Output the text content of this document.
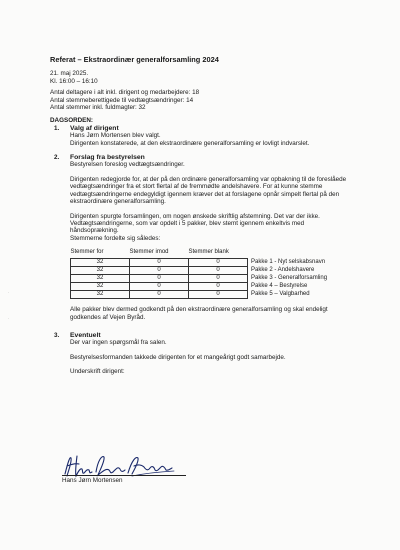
Referat – Ekstraordinær generalforsamling 2024

21. maj 2025.

Kl. 16:00 – 16:10

Antal deltagere i alt inkl. dirigent og medarbejdere: 18

Antal stemmeberettigede til vedtægtsændringer: 14

Antal stemmer inkl. fuldmagter: 32

DAGSORDEN:
1. Valg af dirigent

Hans Jørn Mortensen blev valgt.

Dirigenten konstaterede, at den ekstraordinære generalforsamling er lovligt indvarslet.

2. Forslag fra bestyrelsen

Bestyrelsen foreslog vedtægtsændringer.

Dirigenten redegjorde for, at der på den ordinære generalforsamling var opbakning til de foreslåede vedtægtsændringer fra et stort flertal af de fremmødte andelshavere. For at kunne stemme vedtægtsændringerne endegyldigt igennem kræver det at forslagene opnår simpelt flertal på den ekstraordinære generalforsamling.

Dirigenten spurgte forsamlingen, om nogen ønskede skriftlig afstemning. Det var der ikke. Vedtægtsændringerne, som var opdelt i 5 pakker, blev stemt igennem enkeltvis med håndsoprækning.

Stemmerne fordelte sig således:

Stemmer for	Stemmer imod	Stemmer blank	
32	0	0	Pakke 1 - Nyt selskabsnavn
32	0	0	Pakke 2 - Andelshavere
32	0	0	Pakke 3 - Generalforsamling
32	0	0	Pakke 4 – Bestyrelse
32	0	0	Pakke 5 – Valgbarhed

Alle pakker blev dermed godkendt på den ekstraordinære generalforsamling og skal endeligt godkendes af Vejen Byråd.

3. Eventuelt

Der var ingen spørgsmål fra salen.

Bestyrelsesformanden takkede dirigenten for et mangeårigt godt samarbejde.

Underskrift dirigent:

Hans Jørn Mortensen
·
·
